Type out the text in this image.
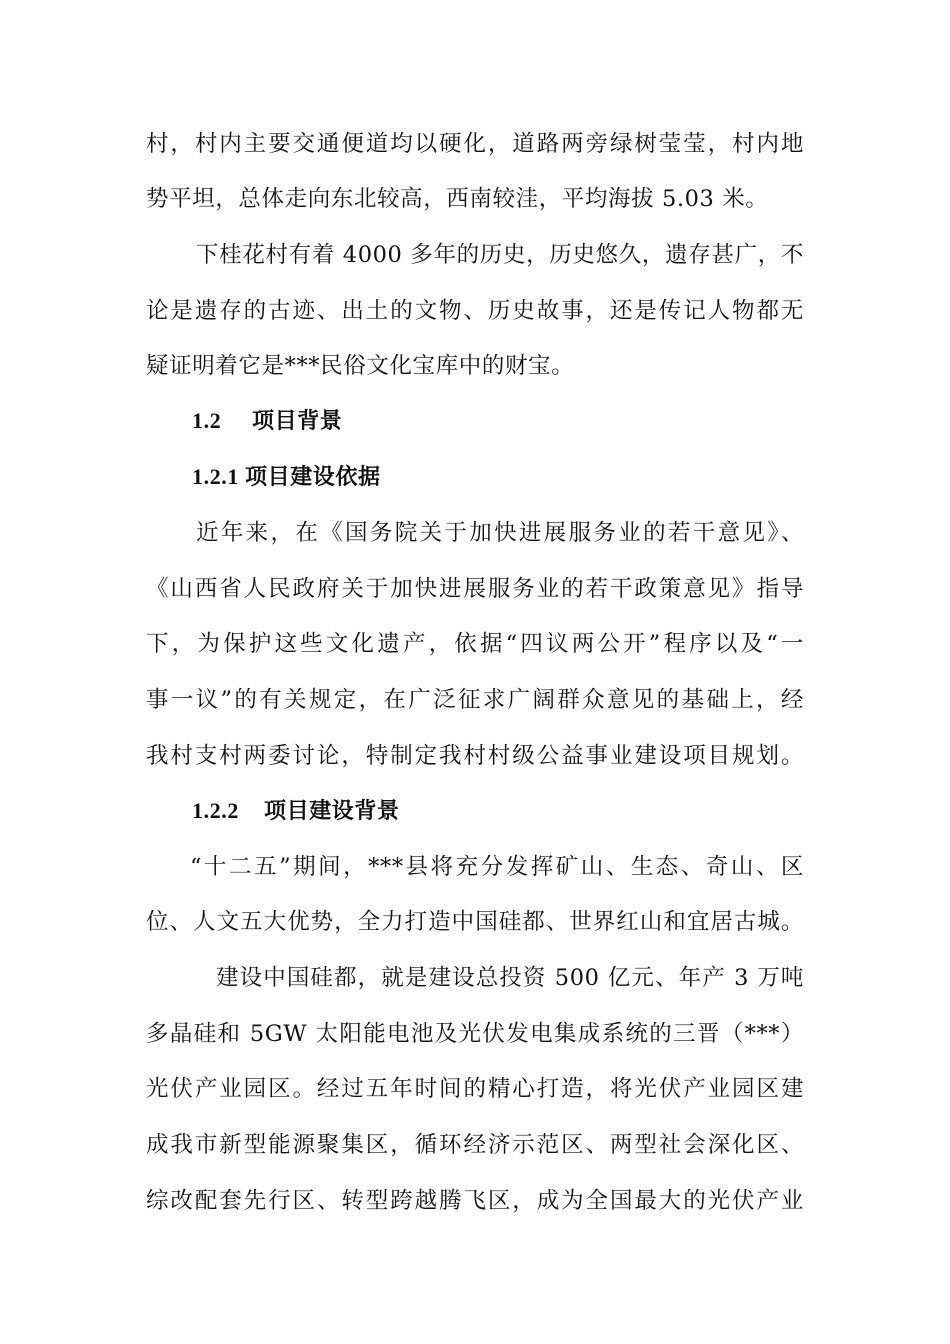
村，村内主要交通便道均以硬化，道路两旁绿树莹莹，村内地
势平坦，总体走向东北较高，西南较洼，平均海拔 5.03 米。
下桂花村有着 4000 多年的历史，历史悠久，遗存甚广，不
论是遗存的古迹、出土的文物、历史故事，还是传记人物都无
疑证明着它是***民俗文化宝库中的财宝。
1.2 项目背景
1.2.1 项目建设依据
近年来，在《国务院关于加快进展服务业的若干意见》、
《山西省人民政府关于加快进展服务业的若干政策意见》指导
下，为保护这些文化遗产，依据“四议两公开”程序以及“一
事一议”的有关规定，在广泛征求广阔群众意见的基础上，经
我村支村两委讨论，特制定我村村级公益事业建设项目规划。
1.2.2 项目建设背景
“十二五”期间，***县将充分发挥矿山、生态、奇山、区
位、人文五大优势，全力打造中国硅都、世界红山和宜居古城。
建设中国硅都，就是建设总投资 500 亿元、年产 3 万吨
多晶硅和 5GW 太阳能电池及光伏发电集成系统的三晋（***）
光伏产业园区。经过五年时间的精心打造，将光伏产业园区建
成我市新型能源聚集区，循环经济示范区、两型社会深化区、
综改配套先行区、转型跨越腾飞区，成为全国最大的光伏产业
